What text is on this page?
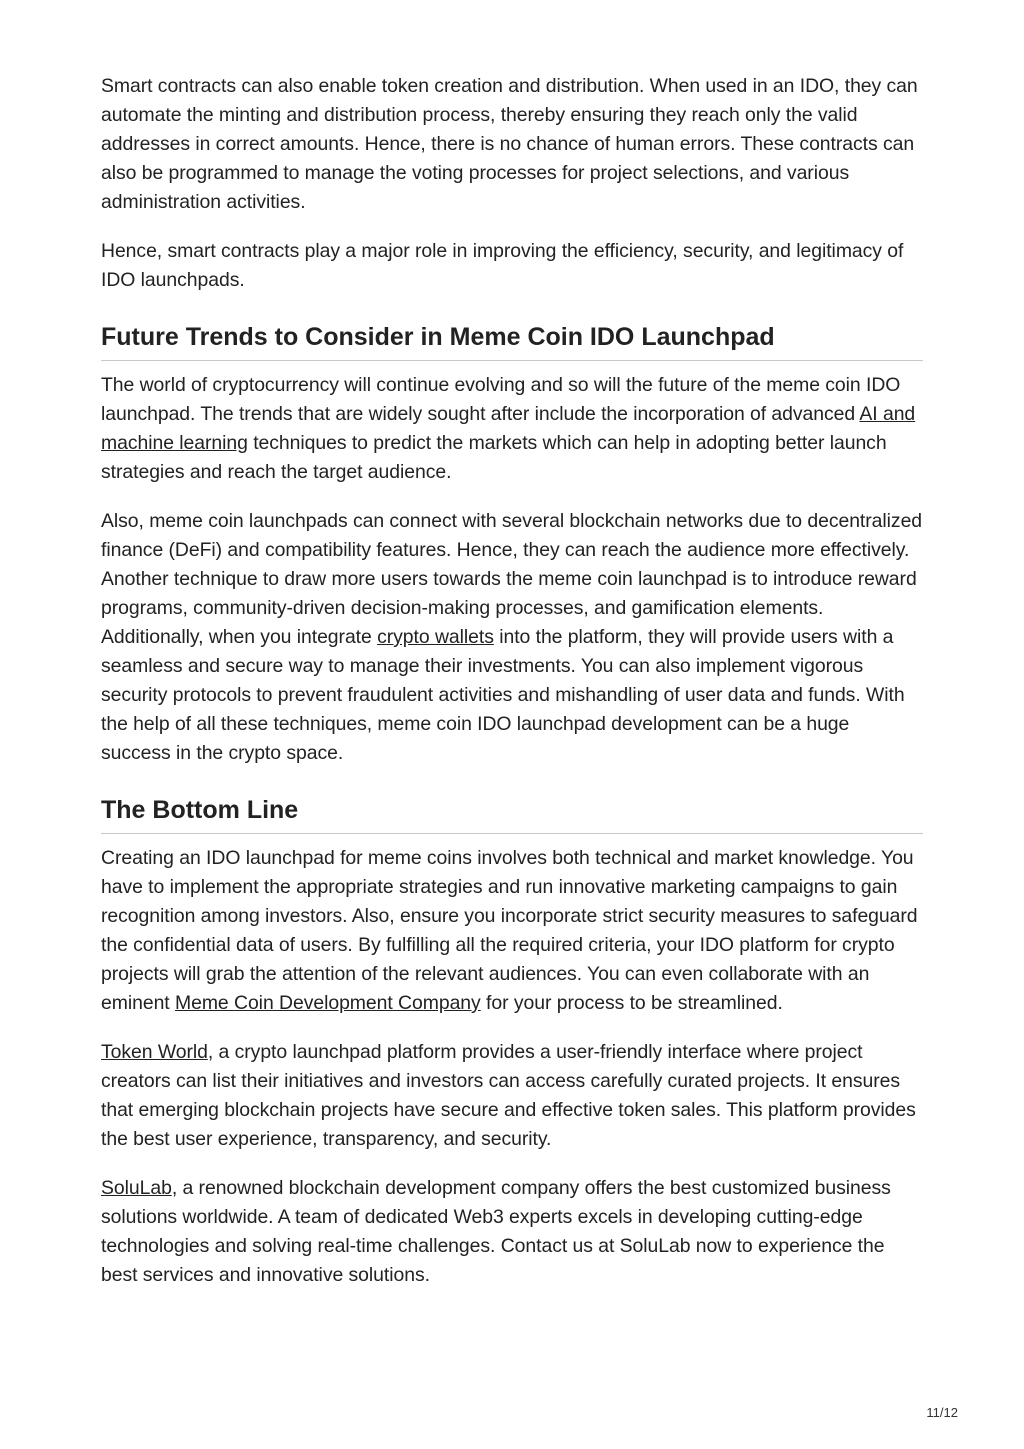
Smart contracts can also enable token creation and distribution. When used in an IDO, they can automate the minting and distribution process, thereby ensuring they reach only the valid addresses in correct amounts. Hence, there is no chance of human errors. These contracts can also be programmed to manage the voting processes for project selections, and various administration activities.

Hence, smart contracts play a major role in improving the efficiency, security, and legitimacy of IDO launchpads.

Future Trends to Consider in Meme Coin IDO Launchpad

The world of cryptocurrency will continue evolving and so will the future of the meme coin IDO launchpad. The trends that are widely sought after include the incorporation of advanced AI and machine learning techniques to predict the markets which can help in adopting better launch strategies and reach the target audience.

Also, meme coin launchpads can connect with several blockchain networks due to decentralized finance (DeFi) and compatibility features. Hence, they can reach the audience more effectively. Another technique to draw more users towards the meme coin launchpad is to introduce reward programs, community-driven decision-making processes, and gamification elements. Additionally, when you integrate crypto wallets into the platform, they will provide users with a seamless and secure way to manage their investments. You can also implement vigorous security protocols to prevent fraudulent activities and mishandling of user data and funds. With the help of all these techniques, meme coin IDO launchpad development can be a huge success in the crypto space.

The Bottom Line

Creating an IDO launchpad for meme coins involves both technical and market knowledge. You have to implement the appropriate strategies and run innovative marketing campaigns to gain recognition among investors. Also, ensure you incorporate strict security measures to safeguard the confidential data of users. By fulfilling all the required criteria, your IDO platform for crypto projects will grab the attention of the relevant audiences. You can even collaborate with an eminent Meme Coin Development Company for your process to be streamlined.

Token World, a crypto launchpad platform provides a user-friendly interface where project creators can list their initiatives and investors can access carefully curated projects. It ensures that emerging blockchain projects have secure and effective token sales. This platform provides the best user experience, transparency, and security.

SoluLab, a renowned blockchain development company offers the best customized business solutions worldwide. A team of dedicated Web3 experts excels in developing cutting-edge technologies and solving real-time challenges. Contact us at SoluLab now to experience the best services and innovative solutions.

11/12
